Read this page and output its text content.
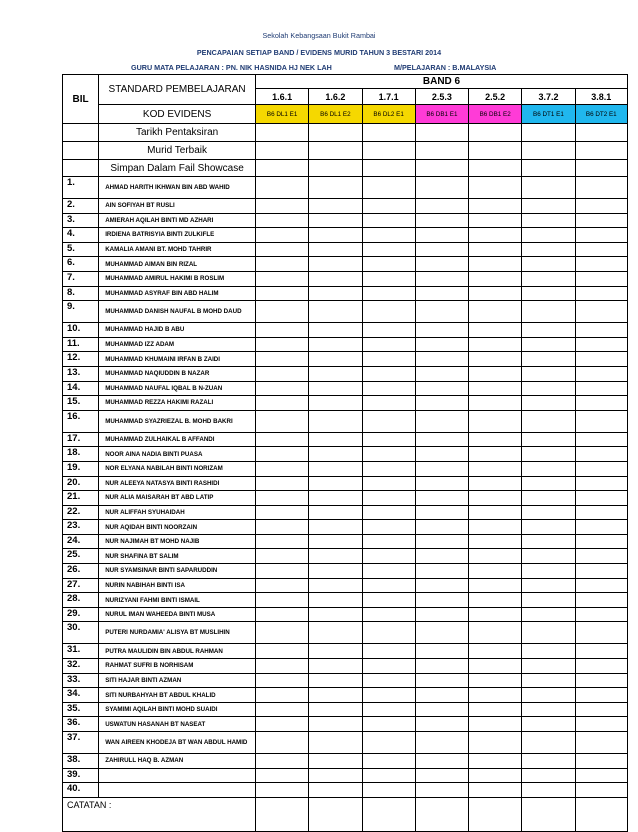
Sekolah Kebangsaan Bukit Rambai
PENCAPAIAN SETIAP BAND / EVIDENS MURID TAHUN 3 BESTARI 2014
GURU MATA PELAJARAN : PN. NIK HASNIDA HJ NEK LAH	M/PELAJARAN : B.MALAYSIA
BIL	STANDARD PEMBELAJARAN	BAND 6						
		1.6.1	1.6.2	1.7.1	2.5.3	2.5.2	3.7.2	3.8.1
	KOD EVIDENS	B6 DL1 E1	B6 DL1 E2	B6 DL2 E1	B6 DB1 E1	B6 DB1 E2	B6 DT1 E1	B6 DT2 E1
	Tarikh Pentaksiran							
	Murid Terbaik							
	Simpan Dalam Fail Showcase							
1.	AHMAD HARITH IKHWAN BIN ABD WAHID							
2.	AIN SOFIYAH BT RUSLI							
3.	AMIERAH AQILAH BINTI MD AZHARI							
4.	IRDIENA BATRISYIA BINTI ZULKIFLE							
5.	KAMALIA AMANI BT. MOHD TAHRIR							
6.	MUHAMMAD AIMAN BIN RIZAL							
7.	MUHAMMAD AMIRUL HAKIMI B ROSLIM							
8.	MUHAMMAD ASYRAF BIN ABD HALIM							
9.	MUHAMMAD DANISH NAUFAL B MOHD DAUD							
10.	MUHAMMAD HAJID B ABU							
11.	MUHAMMAD IZZ ADAM							
12.	MUHAMMAD KHUMAINI IRFAN B ZAIDI							
13.	MUHAMMAD NAQIUDDIN B NAZAR							
14.	MUHAMMAD NAUFAL IQBAL B N-ZUAN							
15.	MUHAMMAD REZZA HAKIMI RAZALI							
16.	MUHAMMAD SYAZRIEZAL B. MOHD BAKRI							
17.	MUHAMMAD ZULHAIKAL B AFFANDI							
18.	NOOR AINA NADIA BINTI PUASA							
19.	NOR ELYANA NABILAH BINTI NORIZAM							
20.	NUR ALEEYA NATASYA BINTI RASHIDI							
21.	NUR ALIA MAISARAH BT ABD LATIP							
22.	NUR ALIFFAH SYUHAIDAH							
23.	NUR AQIDAH BINTI NOORZAIN							
24.	NUR NAJIMAH BT MOHD NAJIB							
25.	NUR SHAFINA BT SALIM							
26.	NUR SYAMSINAR BINTI SAPARUDDIN							
27.	NURIN NABIHAH BINTI ISA							
28.	NURIZYANI FAHMI BINTI ISMAIL							
29.	NURUL IMAN WAHEEDA BINTI MUSA							
30.	PUTERI NURDAMIA' ALISYA BT MUSLIHIN							
31.	PUTRA MAULIDIN BIN ABDUL RAHMAN							
32.	RAHMAT SUFRI B NORHISAM							
33.	SITI HAJAR BINTI AZMAN							
34.	SITI NURBAHYAH BT ABDUL KHALID							
35.	SYAMIMI AQILAH BINTI MOHD SUAIDI							
36.	USWATUN HASANAH BT NASEAT							
37.	WAN AIREEN KHODEJA BT WAN ABDUL HAMID							
38.	ZAHIRULL HAQ B. AZMAN							
39.								
40.								
CATATAN :								
